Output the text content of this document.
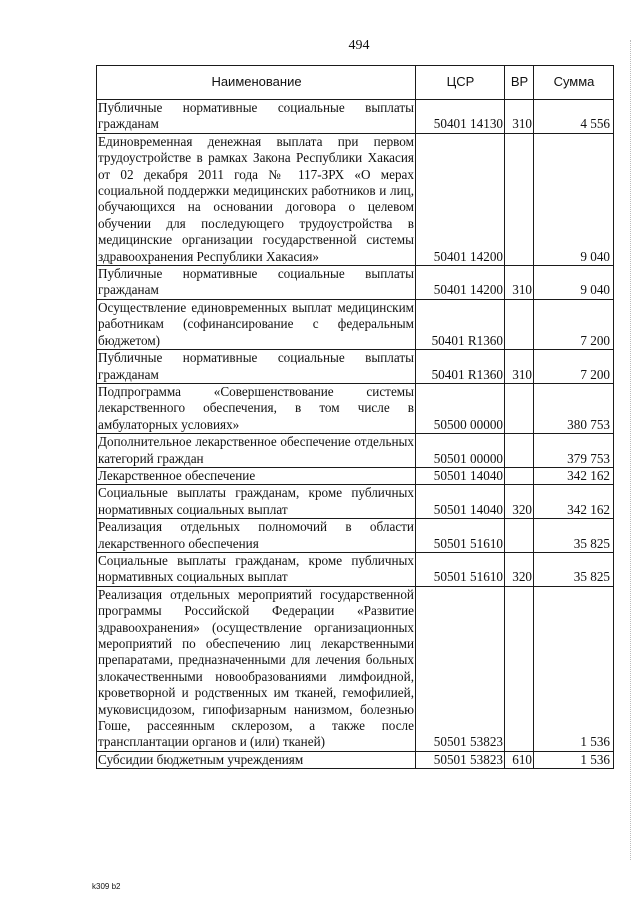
494
Наименование	ЦСР	ВР	Сумма
Публичные нормативные социальные выплаты гражданам	50401 14130	310	4 556
Единовременная денежная выплата при первом трудоустройстве в рамках Закона Республики Хакасия от 02 декабря 2011 года № 117-ЗРХ «О мерах социальной поддержки медицинских работников и лиц, обучающихся на основании договора о целевом обучении для последующего трудоустройства в медицинские организации государственной системы здравоохранения Республики Хакасия»	50401 14200		9 040
Публичные нормативные социальные выплаты гражданам	50401 14200	310	9 040
Осуществление единовременных выплат медицинским работникам (софинансирование с федеральным бюджетом)	50401 R1360		7 200
Публичные нормативные социальные выплаты гражданам	50401 R1360	310	7 200
Подпрограмма «Совершенствование системы лекарственного обеспечения, в том числе в амбулаторных условиях»	50500 00000		380 753
Дополнительное лекарственное обеспечение отдельных категорий граждан	50501 00000		379 753
Лекарственное обеспечение	50501 14040		342 162
Социальные выплаты гражданам, кроме публичных нормативных социальных выплат	50501 14040	320	342 162
Реализация отдельных полномочий в области лекарственного обеспечения	50501 51610		35 825
Социальные выплаты гражданам, кроме публичных нормативных социальных выплат	50501 51610	320	35 825
Реализация отдельных мероприятий государственной программы Российской Федерации «Развитие здравоохранения» (осуществление организационных мероприятий по обеспечению лиц лекарственными препаратами, предназначенными для лечения больных злокачественными новообразованиями лимфоидной, кроветворной и родственных им тканей, гемофилией, муковисцидозом, гипофизарным нанизмом, болезнью Гоше, рассеянным склерозом, а также после трансплантации органов и (или) тканей)	50501 53823		1 536
Субсидии бюджетным учреждениям	50501 53823	610	1 536
k309 b2
